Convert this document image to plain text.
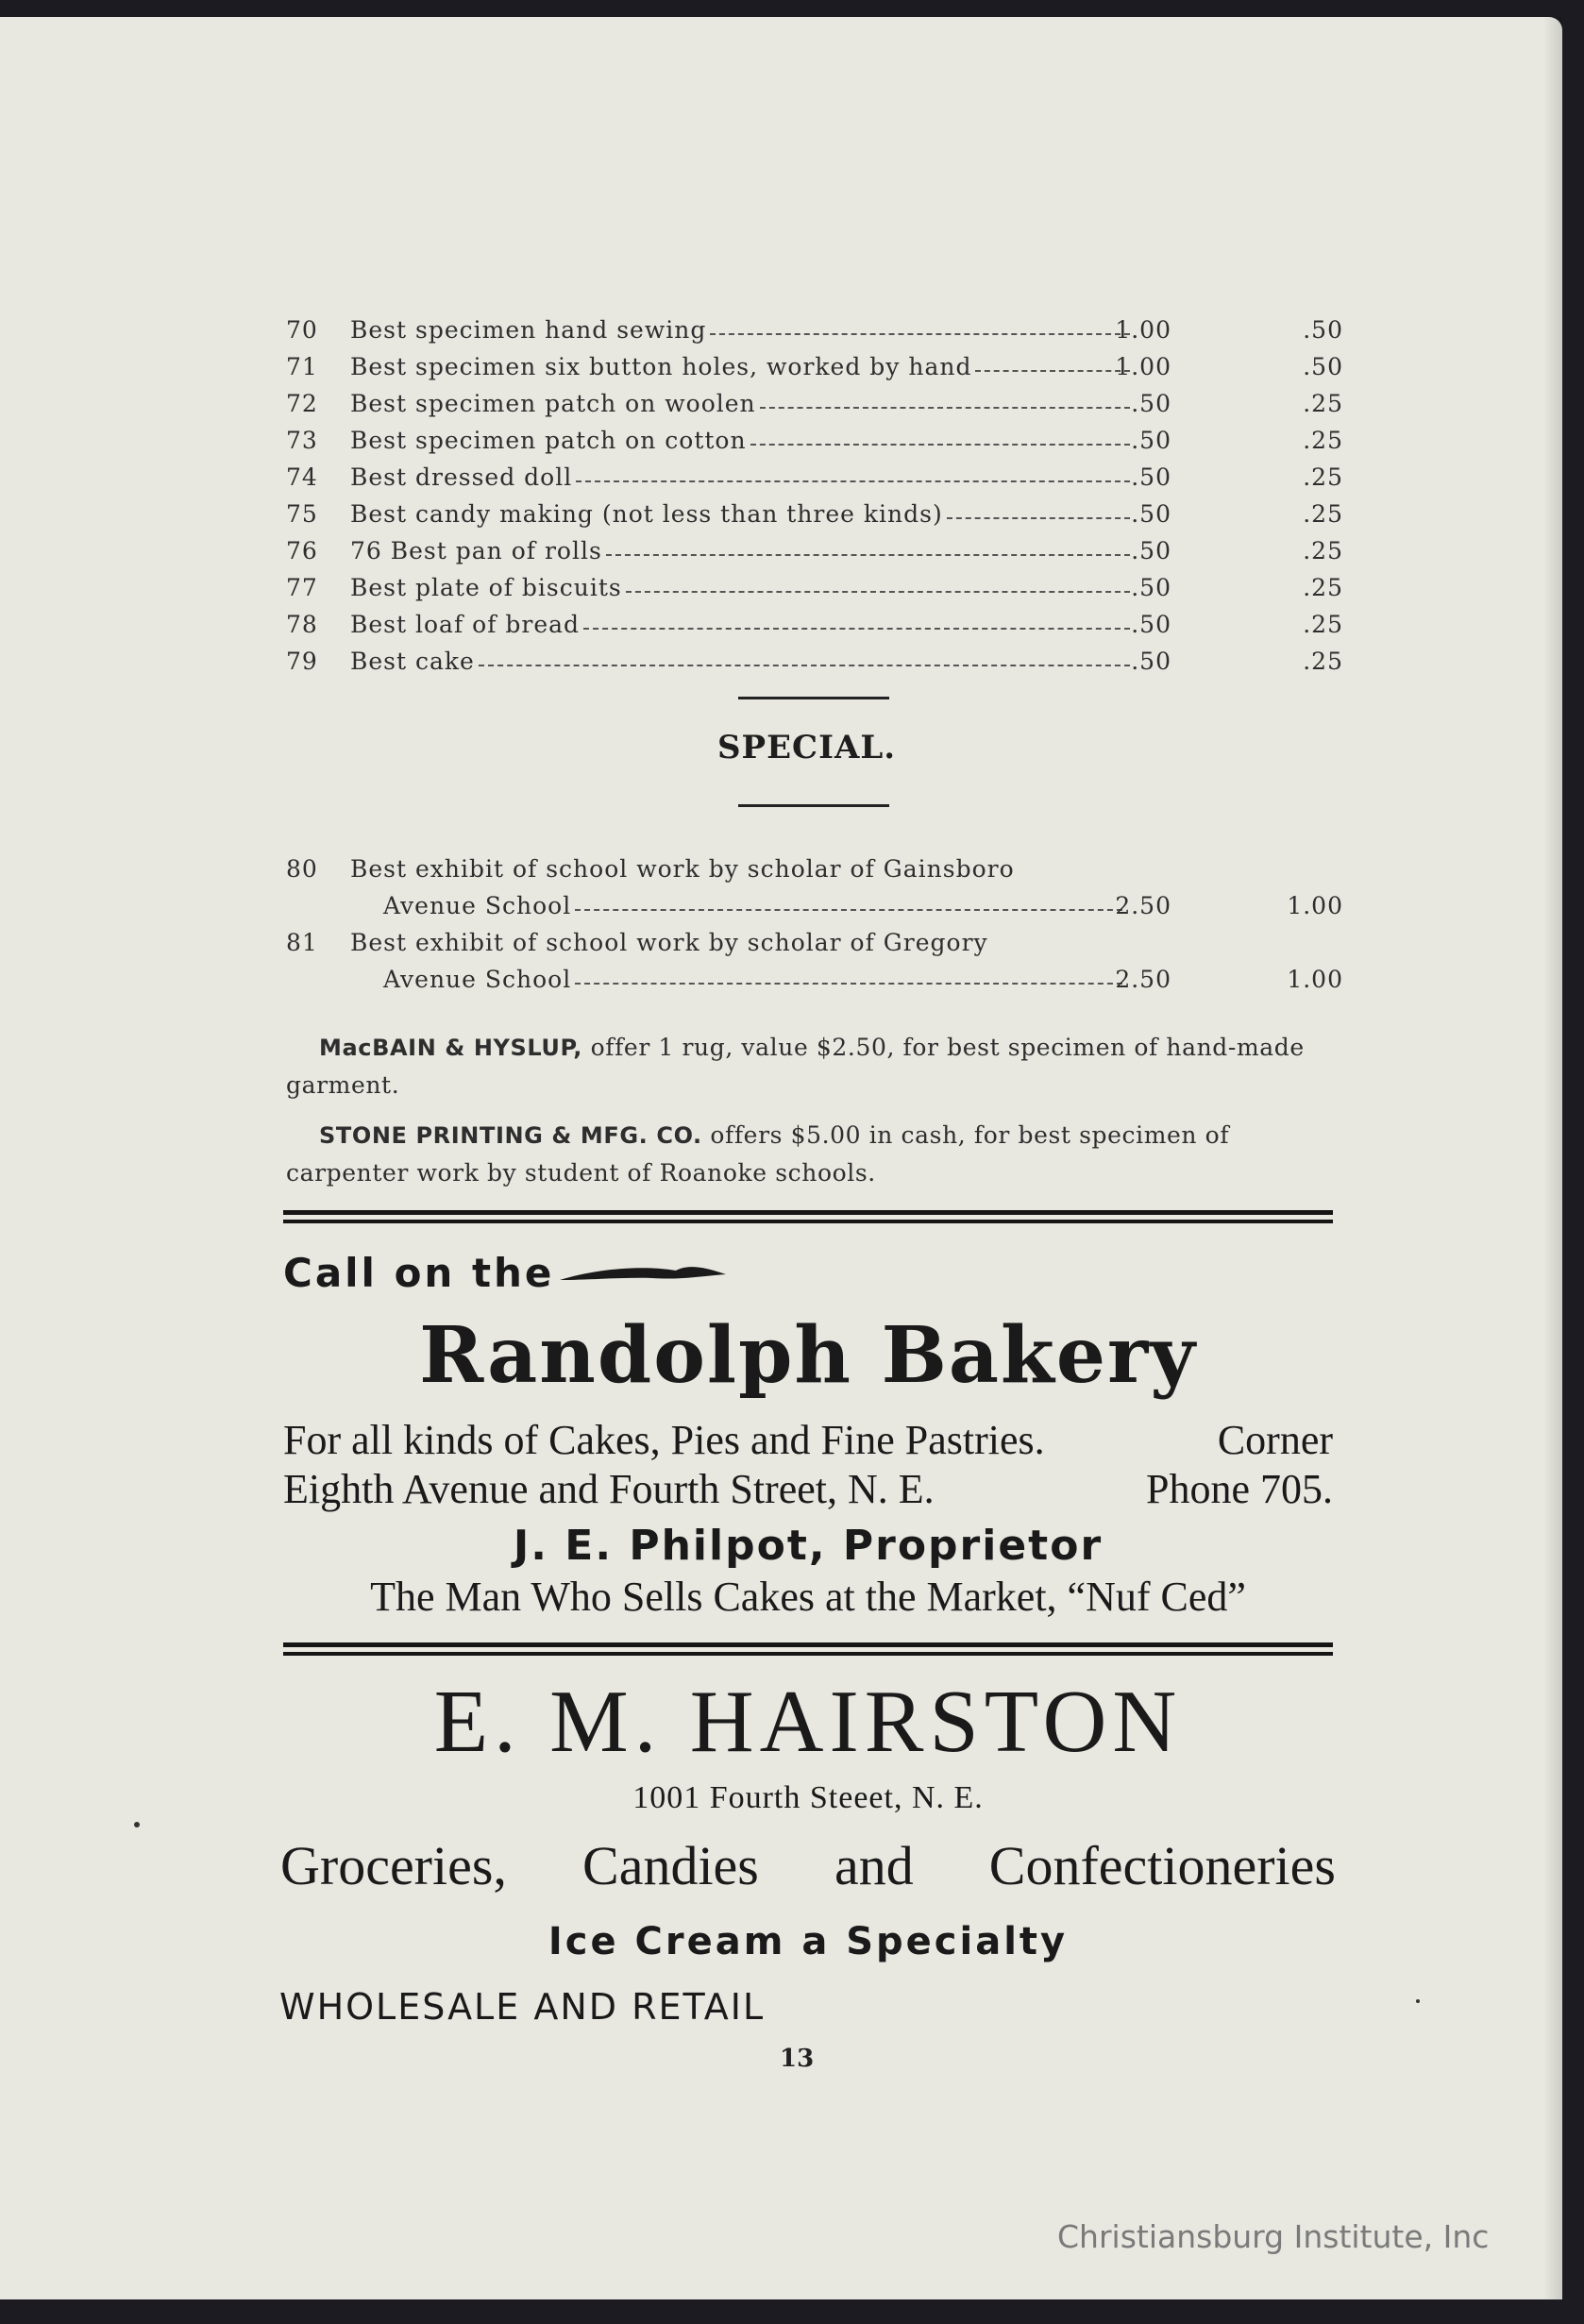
70 Best specimen hand sewing	1.00	.50
71 Best specimen six button holes, worked by hand	1.00	.50
72 Best specimen patch on woolen	.50	.25
73 Best specimen patch on cotton	.50	.25
74 Best dressed doll	.50	.25
75 Best candy making (not less than three kinds)	.50	.25
76 76 Best pan of rolls	.50	.25
77 Best plate of biscuits	.50	.25
78 Best loaf of bread	.50	.25
79 Best cake	.50	.25
SPECIAL.
80 Best exhibit of school work by scholar of Gainsboro
Avenue School	2.50	1.00
81 Best exhibit of school work by scholar of Gregory
Avenue School	2.50	1.00
MacBAIN & HYSLUP, offer 1 rug, value $2.50, for best specimen of hand-made garment.
STONE PRINTING & MFG. CO. offers $5.00 in cash, for best specimen of carpenter work by student of Roanoke schools.
Call on the
Randolph Bakery
For all kinds of Cakes, Pies and Fine Pastries.	Corner
Eighth Avenue and Fourth Street, N. E.	Phone 705.
J. E. Philpot, Proprietor
The Man Who Sells Cakes at the Market, “Nuf Ced”
E. M. HAIRSTON
1001 Fourth Steeet, N. E.
Groceries, Candies and Confectioneries
Ice Cream a Specialty
WHOLESALE AND RETAIL
13
Christiansburg Institute, Inc
